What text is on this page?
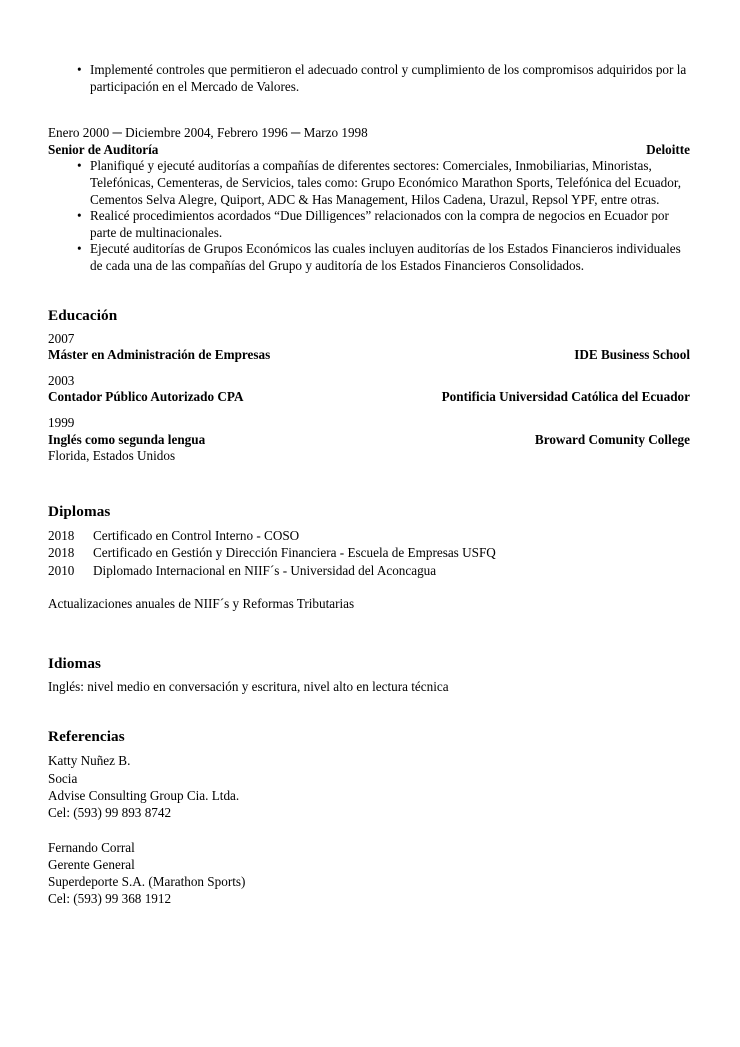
• Implementé controles que permitieron el adecuado control y cumplimiento de los compromisos adquiridos por la participación en el Mercado de Valores.
Enero 2000 ─ Diciembre 2004, Febrero 1996 ─ Marzo 1998
Senior de Auditoría	Deloitte
• Planifiqué y ejecuté auditorías a compañías de diferentes sectores: Comerciales, Inmobiliarias, Minoristas, Telefónicas, Cementeras, de Servicios, tales como: Grupo Económico Marathon Sports, Telefónica del Ecuador, Cementos Selva Alegre, Quiport, ADC & Has Management, Hilos Cadena, Urazul, Repsol YPF, entre otras.
• Realicé procedimientos acordados “Due Dilligences” relacionados con la compra de negocios en Ecuador por parte de multinacionales.
• Ejecuté auditorías de Grupos Económicos las cuales incluyen auditorías de los Estados Financieros individuales de cada una de las compañías del Grupo y auditoría de los Estados Financieros Consolidados.
Educación
2007
Máster en Administración de Empresas	IDE Business School
2003
Contador Público Autorizado CPA	Pontificia Universidad Católica del Ecuador
1999
Inglés como segunda lengua	Broward Comunity College
Florida, Estados Unidos
Diplomas
2018	Certificado en Control Interno - COSO
2018	Certificado en Gestión y Dirección Financiera - Escuela de Empresas USFQ
2010	Diplomado Internacional en NIIF´s - Universidad del Aconcagua
Actualizaciones anuales de NIIF´s y Reformas Tributarias
Idiomas
Inglés: nivel medio en conversación y escritura, nivel alto en lectura técnica
Referencias
Katty Nuñez B.
Socia
Advise Consulting Group Cia. Ltda.
Cel: (593) 99 893 8742
Fernando Corral
Gerente General
Superdeporte S.A. (Marathon Sports)
Cel: (593) 99 368 1912
